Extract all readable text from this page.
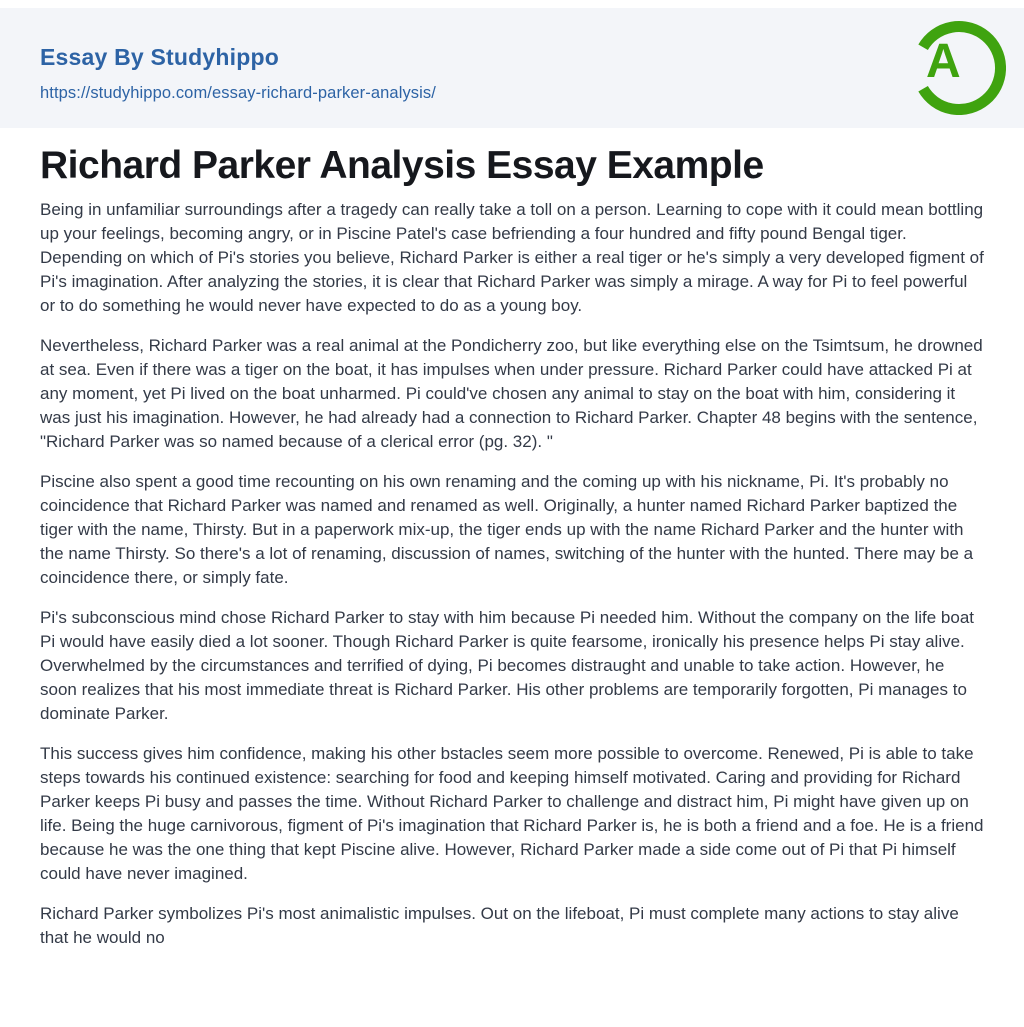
Essay By Studyhippo
https://studyhippo.com/essay-richard-parker-analysis/
A
Richard Parker Analysis Essay Example

Being in unfamiliar surroundings after a tragedy can really take a toll on a person. Learning to cope with it could mean bottling up your feelings, becoming angry, or in Piscine Patel's case befriending a four hundred and fifty pound Bengal tiger. Depending on which of Pi's stories you believe, Richard Parker is either a real tiger or he's simply a very developed figment of Pi's imagination. After analyzing the stories, it is clear that Richard Parker was simply a mirage. A way for Pi to feel powerful or to do something he would never have expected to do as a young boy.

Nevertheless, Richard Parker was a real animal at the Pondicherry zoo, but like everything else on the Tsimtsum, he drowned at sea. Even if there was a tiger on the boat, it has impulses when under pressure. Richard Parker could have attacked Pi at any moment, yet Pi lived on the boat unharmed. Pi could've chosen any animal to stay on the boat with him, considering it was just his imagination. However, he had already had a connection to Richard Parker. Chapter 48 begins with the sentence, "Richard Parker was so named because of a clerical error (pg. 32). "

Piscine also spent a good time recounting on his own renaming and the coming up with his nickname, Pi. It's probably no coincidence that Richard Parker was named and renamed as well. Originally, a hunter named Richard Parker baptized the tiger with the name, Thirsty. But in a paperwork mix-up, the tiger ends up with the name Richard Parker and the hunter with the name Thirsty. So there's a lot of renaming, discussion of names, switching of the hunter with the hunted. There may be a coincidence there, or simply fate.

Pi's subconscious mind chose Richard Parker to stay with him because Pi needed him. Without the company on the life boat Pi would have easily died a lot sooner. Though Richard Parker is quite fearsome, ironically his presence helps Pi stay alive. Overwhelmed by the circumstances and terrified of dying, Pi becomes distraught and unable to take action. However, he soon realizes that his most immediate threat is Richard Parker. His other problems are temporarily forgotten, Pi manages to dominate Parker.

This success gives him confidence, making his other bstacles seem more possible to overcome. Renewed, Pi is able to take steps towards his continued existence: searching for food and keeping himself motivated. Caring and providing for Richard Parker keeps Pi busy and passes the time. Without Richard Parker to challenge and distract him, Pi might have given up on life. Being the huge carnivorous, figment of Pi's imagination that Richard Parker is, he is both a friend and a foe. He is a friend because he was the one thing that kept Piscine alive. However, Richard Parker made a side come out of Pi that Pi himself could have never imagined.

Richard Parker symbolizes Pi's most animalistic impulses. Out on the lifeboat, Pi must complete many actions to stay alive that he would no
